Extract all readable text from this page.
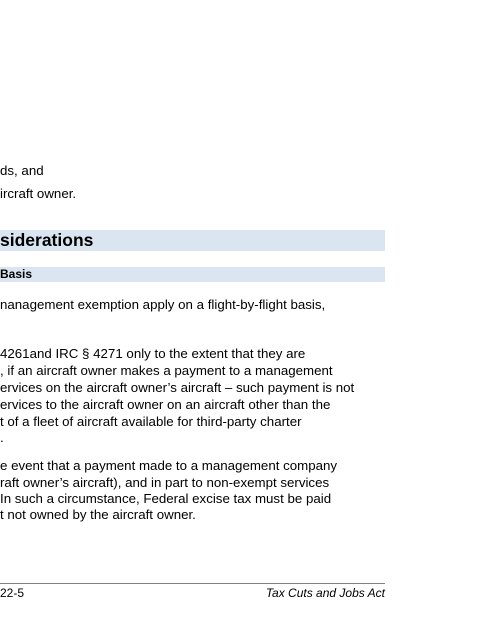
ds, and
ircraft owner.
siderations
Basis
nanagement exemption apply on a flight-by-flight basis,
4261and IRC § 4271 only to the extent that they are
, if an aircraft owner makes a payment to a management
ervices on the aircraft owner’s aircraft – such payment is not
ervices to the aircraft owner on an aircraft other than the
t of a fleet of aircraft available for third-party charter
.
e event that a payment made to a management company
raft owner’s aircraft), and in part to non-exempt services
In such a circumstance, Federal excise tax must be paid
t not owned by the aircraft owner.
22-5	Tax Cuts and Jobs Act
